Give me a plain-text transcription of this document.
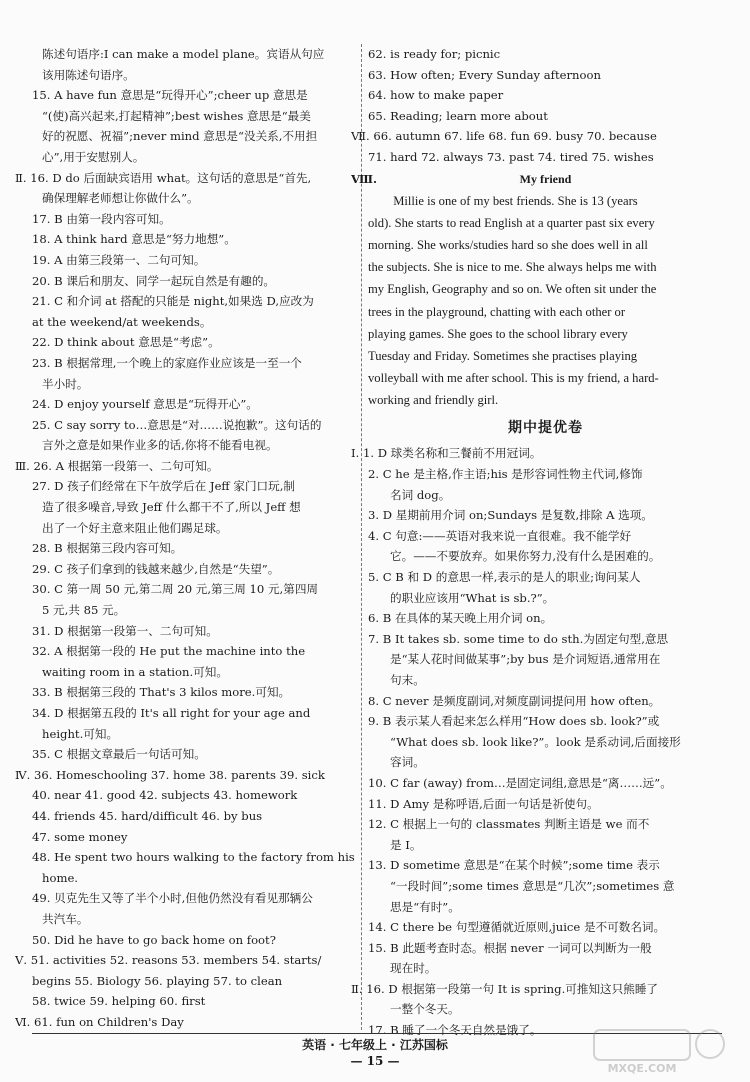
陈述句语序:I can make a model plane。宾语从句应
该用陈述句语序。
15. A have fun 意思是“玩得开心”;cheer up 意思是
“(使)高兴起来,打起精神”;best wishes 意思是“最美
好的祝愿、祝福”;never mind 意思是“没关系,不用担
心”,用于安慰别人。
Ⅱ. 16. D do 后面缺宾语用 what。这句话的意思是“首先,
确保理解老师想让你做什么”。
17. B 由第一段内容可知。
18. A think hard 意思是“努力地想”。
19. A 由第三段第一、二句可知。
20. B 课后和朋友、同学一起玩自然是有趣的。
21. C 和介词 at 搭配的只能是 night,如果选 D,应改为
at the weekend/at weekends。
22. D think about 意思是“考虑”。
23. B 根据常理,一个晚上的家庭作业应该是一至一个
半小时。
24. D enjoy yourself 意思是“玩得开心”。
25. C say sorry to…意思是“对……说抱歉”。这句话的
言外之意是如果作业多的话,你将不能看电视。
Ⅲ. 26. A 根据第一段第一、二句可知。
27. D 孩子们经常在下午放学后在 Jeff 家门口玩,制
造了很多噪音,导致 Jeff 什么都干不了,所以 Jeff 想
出了一个好主意来阻止他们踢足球。
28. B 根据第三段内容可知。
29. C 孩子们拿到的钱越来越少,自然是“失望”。
30. C 第一周 50 元,第二周 20 元,第三周 10 元,第四周
5 元,共 85 元。
31. D 根据第一段第一、二句可知。
32. A 根据第一段的 He put the machine into the
waiting room in a station.可知。
33. B 根据第三段的 That's 3 kilos more.可知。
34. D 根据第五段的 It's all right for your age and
height.可知。
35. C 根据文章最后一句话可知。
Ⅳ. 36. Homeschooling 37. home 38. parents 39. sick
40. near 41. good 42. subjects 43. homework
44. friends 45. hard/difficult 46. by bus
47. some money
48. He spent two hours walking to the factory from his
home.
49. 贝克先生又等了半个小时,但他仍然没有看见那辆公
共汽车。
50. Did he have to go back home on foot?
Ⅴ. 51. activities 52. reasons 53. members 54. starts/
begins 55. Biology 56. playing 57. to clean
58. twice 59. helping 60. first
Ⅵ. 61. fun on Children's Day
62. is ready for; picnic
63. How often; Every Sunday afternoon
64. how to make paper
65. Reading; learn more about
Ⅶ. 66. autumn 67. life 68. fun 69. busy 70. because
71. hard 72. always 73. past 74. tired 75. wishes
Ⅷ.	My friend
Millie is one of my best friends. She is 13 (years
old). She starts to read English at a quarter past six every
morning. She works/studies hard so she does well in all
the subjects. She is nice to me. She always helps me with
my English, Geography and so on. We often sit under the
trees in the playground, chatting with each other or
playing games. She goes to the school library every
Tuesday and Friday. Sometimes she practises playing
volleyball with me after school. This is my friend, a hard-
working and friendly girl.
期中提优卷
Ⅰ. 1. D 球类名称和三餐前不用冠词。
2. C he 是主格,作主语;his 是形容词性物主代词,修饰
名词 dog。
3. D 星期前用介词 on;Sundays 是复数,排除 A 选项。
4. C 句意:——英语对我来说一直很难。我不能学好
它。——不要放弃。如果你努力,没有什么是困难的。
5. C B 和 D 的意思一样,表示的是人的职业;询问某人
的职业应该用“What is sb.?”。
6. B 在具体的某天晚上用介词 on。
7. B It takes sb. some time to do sth.为固定句型,意思
是“某人花时间做某事”;by bus 是介词短语,通常用在
句末。
8. C never 是频度副词,对频度副词提问用 how often。
9. B 表示某人看起来怎么样用“How does sb. look?”或
“What does sb. look like?”。look 是系动词,后面接形
容词。
10. C far (away) from…是固定词组,意思是“离……远”。
11. D Amy 是称呼语,后面一句话是祈使句。
12. C 根据上一句的 classmates 判断主语是 we 而不
是 I。
13. D sometime 意思是“在某个时候”;some time 表示
“一段时间”;some times 意思是“几次”;sometimes 意
思是“有时”。
14. C there be 句型遵循就近原则,juice 是不可数名词。
15. B 此题考查时态。根据 never 一词可以判断为一般
现在时。
Ⅱ. 16. D 根据第一段第一句 It is spring.可推知这只熊睡了
一整个冬天。
17. B 睡了一个冬天自然是饿了。
英语 · 七年级上 · 江苏国标
— 15 —
MXQE.COM
